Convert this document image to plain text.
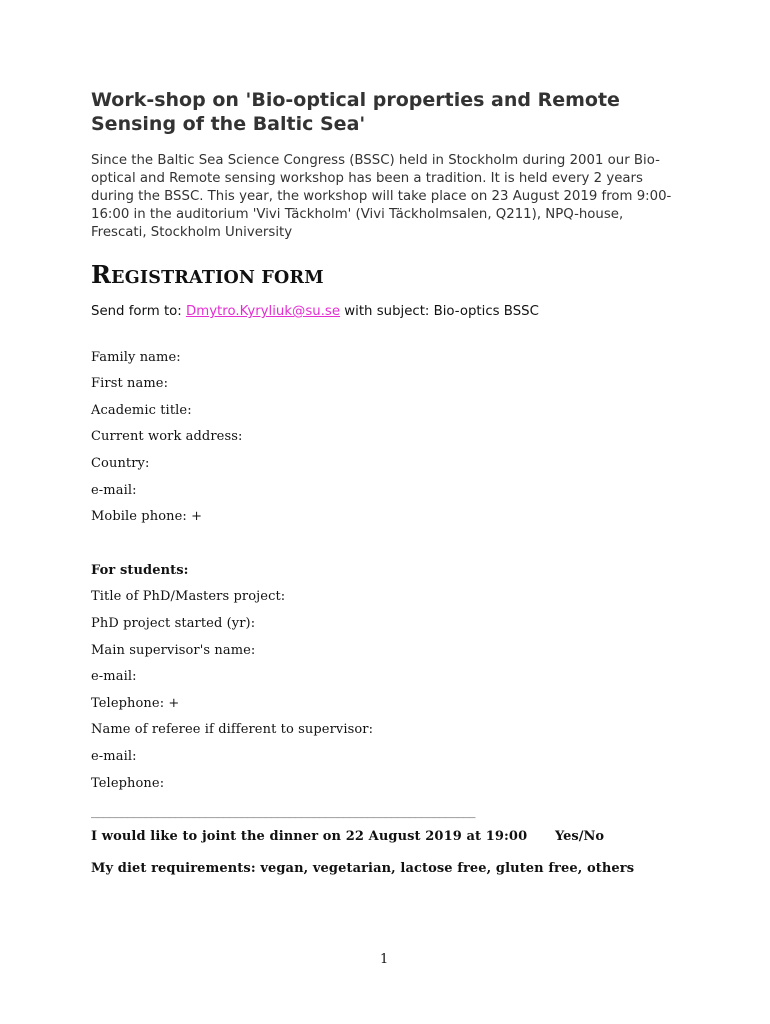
Work-shop on 'Bio-optical properties and Remote Sensing of the Baltic Sea'

Since the Baltic Sea Science Congress (BSSC) held in Stockholm during 2001 our Bio-optical and Remote sensing workshop has been a tradition. It is held every 2 years during the BSSC. This year, the workshop will take place on 23 August 2019 from 9:00-16:00 in the auditorium 'Vivi Täckholm' (Vivi Täckholmsalen, Q211), NPQ-house, Frescati, Stockholm University

REGISTRATION FORM
Send form to: Dmytro.Kyryliuk@su.se with subject: Bio-optics BSSC
Family name:
First name:
Academic title:
Current work address:
Country:
e-mail:
Mobile phone: +
For students:
Title of PhD/Masters project:
PhD project started (yr):
Main supervisor's name:
e-mail:
Telephone: +
Name of referee if different to supervisor:
e-mail:
Telephone:
________________________________________________________________
I would like to joint the dinner on 22 August 2019 at 19:00 Yes/No
My diet requirements: vegan, vegetarian, lactose free, gluten free, others
1
